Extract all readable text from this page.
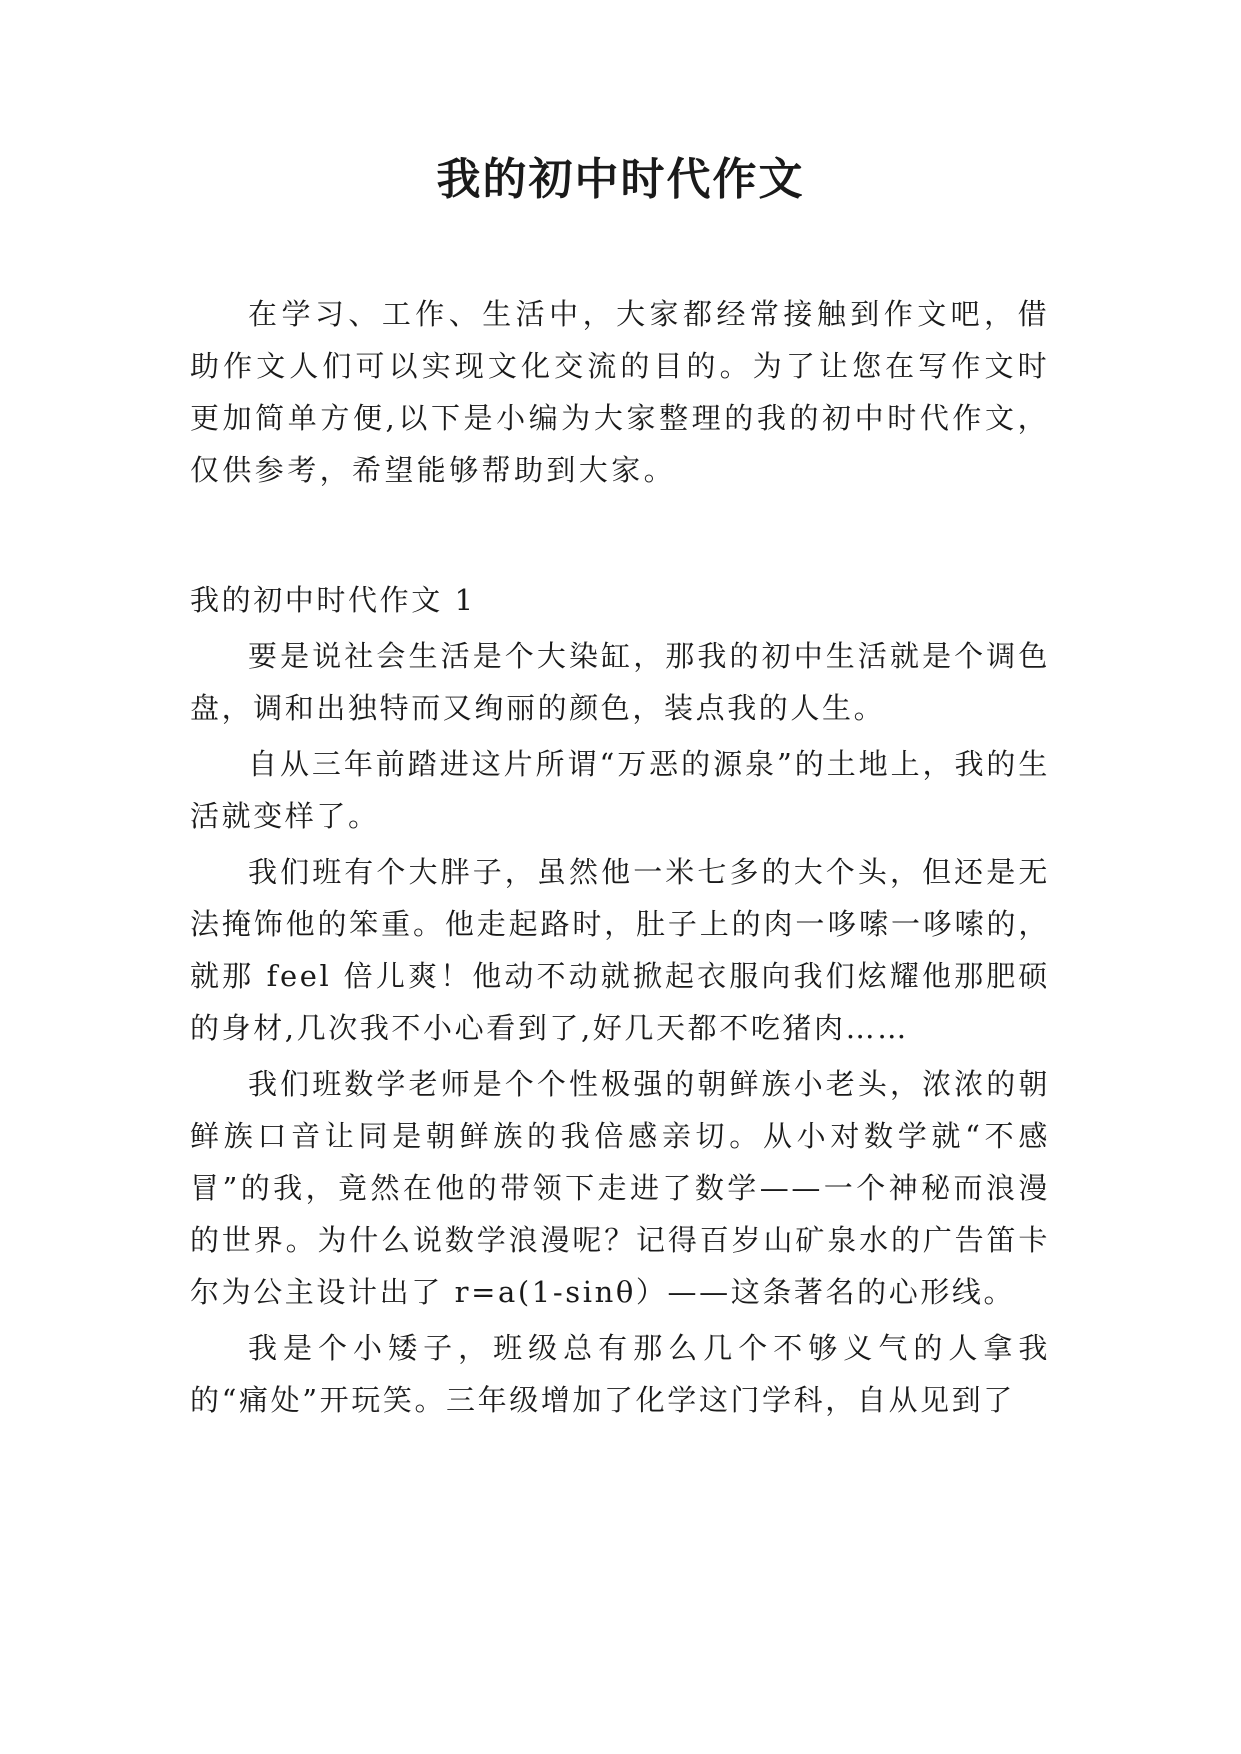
我的初中时代作文

在学习、工作、生活中，大家都经常接触到作文吧，借助作文人们可以实现文化交流的目的。为了让您在写作文时更加简单方便,以下是小编为大家整理的我的初中时代作文，仅供参考，希望能够帮助到大家。

我的初中时代作文 1

要是说社会生活是个大染缸，那我的初中生活就是个调色盘，调和出独特而又绚丽的颜色，装点我的人生。

自从三年前踏进这片所谓“万恶的源泉”的土地上，我的生活就变样了。

我们班有个大胖子，虽然他一米七多的大个头，但还是无法掩饰他的笨重。他走起路时，肚子上的肉一哆嗦一哆嗦的，就那 feel 倍儿爽！他动不动就掀起衣服向我们炫耀他那肥硕的身材,几次我不小心看到了,好几天都不吃猪肉……

我们班数学老师是个个性极强的朝鲜族小老头，浓浓的朝鲜族口音让同是朝鲜族的我倍感亲切。从小对数学就“不感冒”的我，竟然在他的带领下走进了数学——一个神秘而浪漫的世界。为什么说数学浪漫呢？记得百岁山矿泉水的广告笛卡尔为公主设计出了 r=a(1-sinθ）——这条著名的心形线。

我是个小矮子，班级总有那么几个不够义气的人拿我的“痛处”开玩笑。三年级增加了化学这门学科，自从见到了
